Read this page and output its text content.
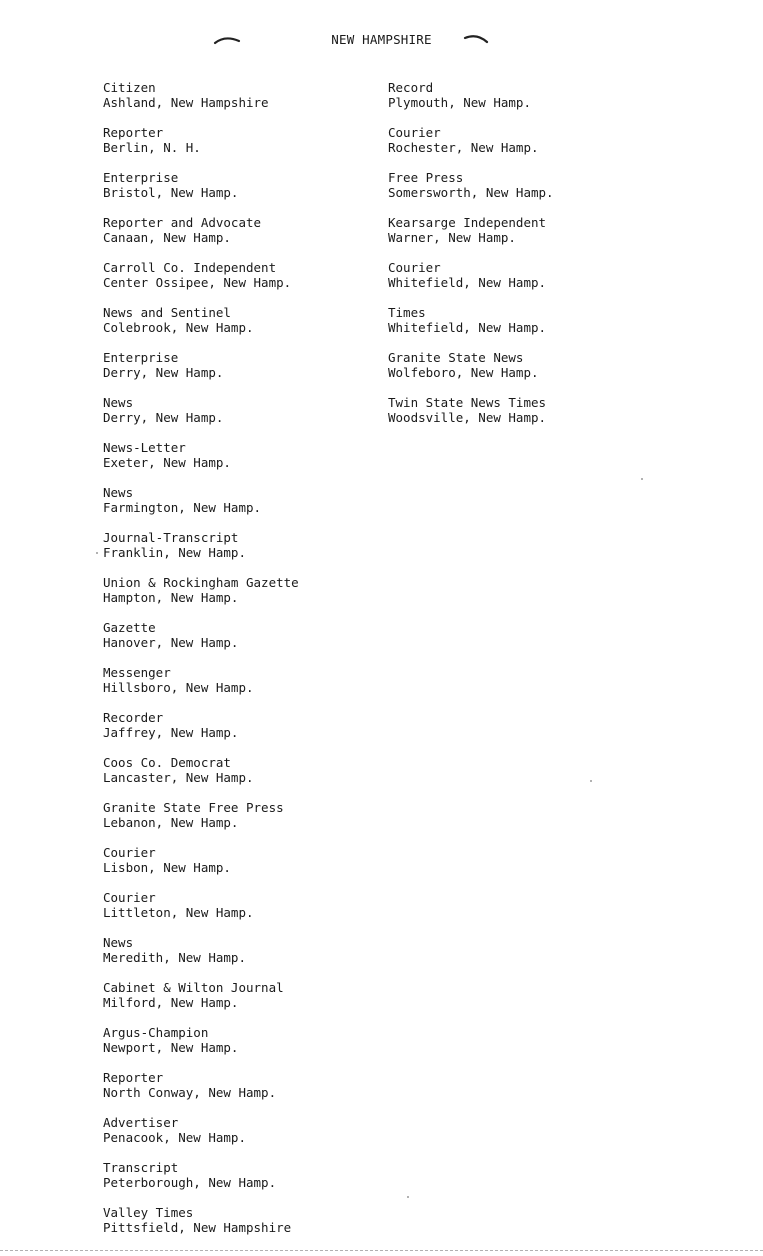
NEW HAMPSHIRE
Citizen
Ashland, New Hampshire
Reporter
Berlin, N. H.
Enterprise
Bristol, New Hamp.
Reporter and Advocate
Canaan, New Hamp.
Carroll Co. Independent
Center Ossipee, New Hamp.
News and Sentinel
Colebrook, New Hamp.
Enterprise
Derry, New Hamp.
News
Derry, New Hamp.
News-Letter
Exeter, New Hamp.
News
Farmington, New Hamp.
Journal-Transcript
Franklin, New Hamp.
Union & Rockingham Gazette
Hampton, New Hamp.
Gazette
Hanover, New Hamp.
Messenger
Hillsboro, New Hamp.
Recorder
Jaffrey, New Hamp.
Coos Co. Democrat
Lancaster, New Hamp.
Granite State Free Press
Lebanon, New Hamp.
Courier
Lisbon, New Hamp.
Courier
Littleton, New Hamp.
News
Meredith, New Hamp.
Cabinet & Wilton Journal
Milford, New Hamp.
Argus-Champion
Newport, New Hamp.
Reporter
North Conway, New Hamp.
Advertiser
Penacook, New Hamp.
Transcript
Peterborough, New Hamp.
Valley Times
Pittsfield, New Hampshire
Record
Plymouth, New Hamp.
Courier
Rochester, New Hamp.
Free Press
Somersworth, New Hamp.
Kearsarge Independent
Warner, New Hamp.
Courier
Whitefield, New Hamp.
Times
Whitefield, New Hamp.
Granite State News
Wolfeboro, New Hamp.
Twin State News Times
Woodsville, New Hamp.
